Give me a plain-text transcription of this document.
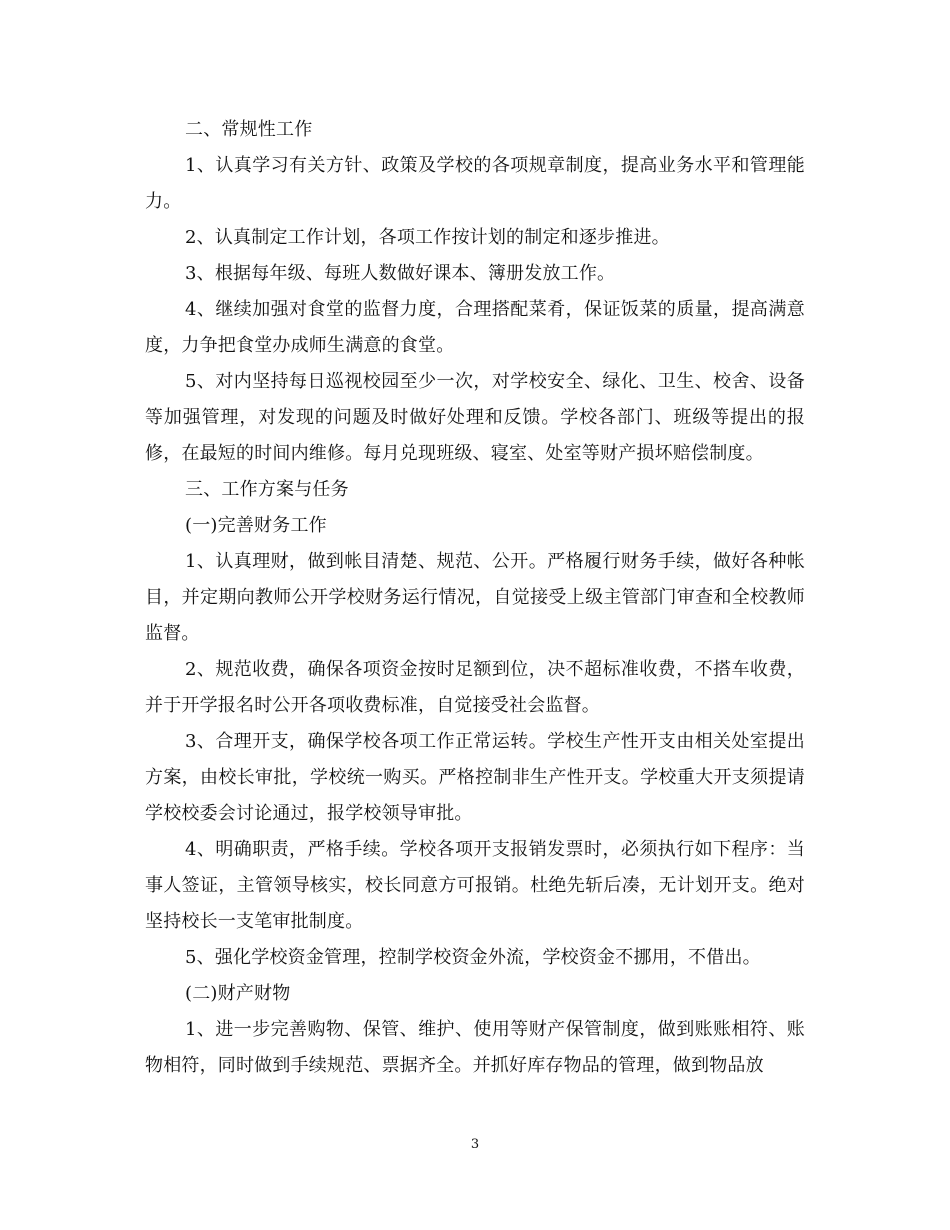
二、常规性工作

1、认真学习有关方针、政策及学校的各项规章制度，提高业务水平和管理能力。

2、认真制定工作计划，各项工作按计划的制定和逐步推进。

3、根据每年级、每班人数做好课本、簿册发放工作。

4、继续加强对食堂的监督力度，合理搭配菜肴，保证饭菜的质量，提高满意度，力争把食堂办成师生满意的食堂。

5、对内坚持每日巡视校园至少一次，对学校安全、绿化、卫生、校舍、设备等加强管理，对发现的问题及时做好处理和反馈。学校各部门、班级等提出的报修，在最短的时间内维修。每月兑现班级、寝室、处室等财产损坏赔偿制度。

三、工作方案与任务

(一)完善财务工作

1、认真理财，做到帐目清楚、规范、公开。严格履行财务手续，做好各种帐目，并定期向教师公开学校财务运行情况，自觉接受上级主管部门审查和全校教师监督。

2、规范收费，确保各项资金按时足额到位，决不超标准收费，不搭车收费，并于开学报名时公开各项收费标准，自觉接受社会监督。

3、合理开支，确保学校各项工作正常运转。学校生产性开支由相关处室提出方案，由校长审批，学校统一购买。严格控制非生产性开支。学校重大开支须提请学校校委会讨论通过，报学校领导审批。

4、明确职责，严格手续。学校各项开支报销发票时，必须执行如下程序：当事人签证，主管领导核实，校长同意方可报销。杜绝先斩后凑，无计划开支。绝对坚持校长一支笔审批制度。

5、强化学校资金管理，控制学校资金外流，学校资金不挪用，不借出。

(二)财产财物

1、进一步完善购物、保管、维护、使用等财产保管制度，做到账账相符、账物相符，同时做到手续规范、票据齐全。并抓好库存物品的管理，做到物品放

3
